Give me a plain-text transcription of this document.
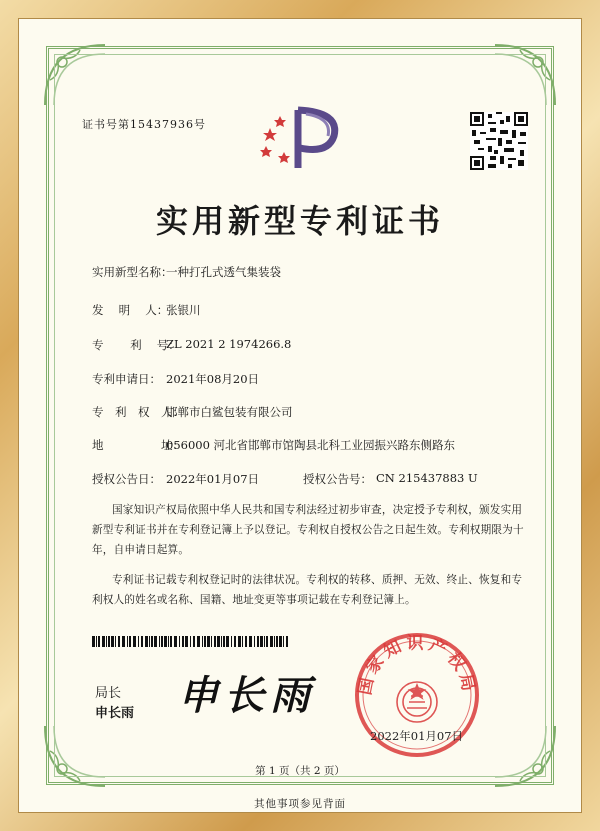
证书号第15437936号
实用新型专利证书
实用新型名称：
一种打孔式透气集装袋
发　 明　 人：
张银川
专　　 利　 号：
ZL 2021 2 1974266.8
专利申请日： 2021年08月20日
专　利　权　人：
邯郸市白鲨包装有限公司
地　　　　　址：
056000 河北省邯郸市馆陶县北科工业园振兴路东侧路东
授权公告日： 2022年01月07日	授权公告号： CN 215437883 U
国家知识产权局依照中华人民共和国专利法经过初步审查，决定授予专利权，颁发实用
新型专利证书并在专利登记簿上予以登记。专利权自授权公告之日起生效。专利权期限为十
年，自申请日起算。
专利证书记载专利权登记时的法律状况。专利权的转移、质押、无效、终止、恢复和专
利权人的姓名或名称、国籍、地址变更等事项记载在专利登记簿上。
局长
申长雨 申长雨 国家知识产权局
2022年01月07日
第 1 页（共 2 页）
其他事项参见背面
